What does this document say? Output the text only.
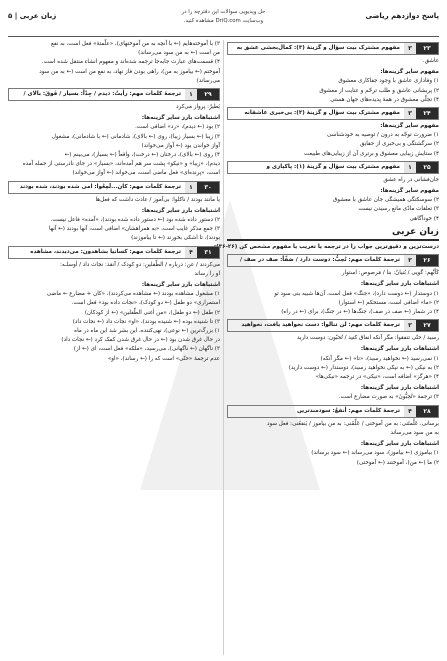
پاسخ دوازدهم ریاضی
حل ویدیویی سوالات این دفترچه را در
وب‌سایت DriQ.com مشاهده کنید.
زبان عربی | ۵
۲۳
۳
مفهوم مشترک بیت سؤال و گزینهٔ (۳): کمال‌بخشی عشق به
عاشق.
مفهوم سایر گزینه‌ها:
۱) وفاداری عاشق با وجود جفاکاری معشوق
۲) پریشانی عاشق و طلب ترحّم و عنایت از معشوق
۴) تجلّی معشوق در همهٔ پدیده‌های جهان هستی
۲۴
۳
مفهوم مشترک بیت سؤال و گزینهٔ (۳): بی‌خبری عاشقانه
مفهوم سایر گزینه‌ها:
۱) ضرورت توجّه به درون / توصیه به خودشناسی
۲) سرگشتگی و بی‌خبری از حقایق
۴) ستایش زیبایی معشوق و برتری آن از زیبایی‌های طبیعت
۲۵
۱
مفهوم مشترک بیت سؤال و گزینهٔ (۱): پاکبازی و
جان‌فشانی در راه عشق
مفهوم سایر گزینه‌ها:
۲) سوسکتگی همیشگی جان عاشق با معشوق
۳) تعلقات مادّی مانع رسیدن نیست
۴) خودآگاهی
زبان عربی
درست‌ترین و دقیق‌ترین جواب را در ترجمه یا تعریب یا مفهوم مشخص کن (۲۶-۳۶
۲۶
۳
ترجمهٔ کلمات مهم: تُحِبُّ: دوست دارد / صَفّاً: صف در صف /
کَأنَّهم: گویی / بُنیانٌ: بنا / مَرصوص: استوار
اشتباهات بارز سایر گزینه‌ها:
۱) دوستدار (← دوست دارد)، «جنگ» فعل است، آن‌ها شبیه بنی سود تو
۲) «ما» اضافی است، مستحکم (← استوار)
۴) در شمار (← صف در صف)، جنگ‌ها (← در جنگ)، برای (← در راه)
۲۷
۳
ترجمهٔ کلمات مهم: لن تنالوا: دست نخواهید یافت، نخواهید
رسید / حتّی تنفقوا: مگر آنکه انفاق کنید / تُحبّون: دوست دارید
اشتباهات بارز سایر گزینه‌ها:
۱) نمی‌رسید (← نخواهید رسید)، «تا» (← مگر آنکه)
۲) به نیکی (← به نیکی نخواهید رسید)، دوستدار (← دوست دارید)
۴) «هرگز» اضافه است، «نیکی» در ترجمه «نیکی‌ها»
اشتباهات بارز سایر گزینه‌ها:
۳) ترجمهٔ «تُحِبُّونَ» به صورت مضارع است.
۲۸
۴
ترجمهٔ کلمات مهم: أنفعُ: سودمندترین
برسانی، عَلَّمتَنی: به من آموختی / عَلِّمْنی: به من بیاموز / یَنفعُنی: فعل سود
به من سود می‌رساند
اشتباهات بارز سایر گزینه‌ها:
۱) بیاموزی (← بیاموز)، سود می‌رساند (← سود برساند)
۲) ما (← من)، آموختند (← آموختی)
۳) با آموخته‌هایم (← با آنچه به من آموختهای)، «علّمتهٔ» فعل است، به نفع
من است (← به من سود می‌رساند)
۴) قسمت‌های عبارت جابه‌جا ترجمه شده‌اند و مفهوم انشاء منتقل شده است.
آموختم (← بیاموز به من)، راهی بودن فاز نهاد، به نفع من است (← به من سود
می‌رساند)
۲۹
۱
ترجمهٔ کلمات مهم: رأیتُ: دیدم / جِدّاً: بسیار / فَوقَ: بالای /
یَطیرُ: پرواز می‌کرد
اشتباهات بارز سایر گزینه‌ها:
۲) بود (← دیدم)، «رد» اضافی است.
۳) زیبا (← بسیار زیبا)، روی (← بالای)، شادمانی (← با شادمانی)، مشغول
آواز خواندن بود (← آواز می‌خواند)
۴) روی (← بالای)، درختان (← درخت)، واقعاً (← بسیار)، می‌بینم (←
دیدم)، «زیبا» و «نیکو» پشت سر هم آمده‌اند، «بسیار» در جای نادرستی از جمله آمده
است، «پرنده‌ای» فعل ماضی است، می‌خواند (← آواز می‌خواند)
۳۰
۱
ترجمهٔ کلمات مهم: کان...لَمِعُوا: امی شده بودند، شده بودند
یا مانند بودند / ناکلوا: بی‌آموز / عادت داشت که فعل‌ها
اشتباهات بارز سایر گزینه‌ها:
۲) دستور داده شده بود (← دستور داده شده بودند)، «آمده» فاعل نیست.
۳) جمع مذکر غایب است، «به همراهشان» اضافی است، آنها بودند (← آنها
بودند)، تا اشکی بخورند (← تا بیاموزند)
۳۱
۴
ترجمهٔ کلمات مهم: کسانیا بشاهدون: می‌دیدند، مشاهده
می‌کردند / عن: درباره / الطِّفلین: دو کودک / اَنقذ: نجات داد / أوسلـه:
او را رساند
اشتباهات بارز سایر گزینه‌ها:
۱) مشغول مشاهده بودند (← مشاهده می‌کردند)، «کان + مضارع ← ماضی
استمراری» دو طفل (← دو کودک)، «نجات داده بود» فعل است.
۲) طفل (← دو طفل)، «من أغنی الطِّفلین» (← از کودکان)
۳) تا شنیده بوده (← شنیده بودند)، «او» نجات داد (← نجات داد)
۱) بزرگ‌ترین (← نوعی)، نهی‌کننده، این بشر شد این ماه در ماه
در حال غرق شدن بود (← در حال غرق شدن کمک کرد (← نجات داد)
۳) ناگهان (← ناگهانی)، می‌رسید، «ملکه» فعل است، ای (← از)
عدم ترجمهٔ «حتّی» است که را (← رساند)، «او»
